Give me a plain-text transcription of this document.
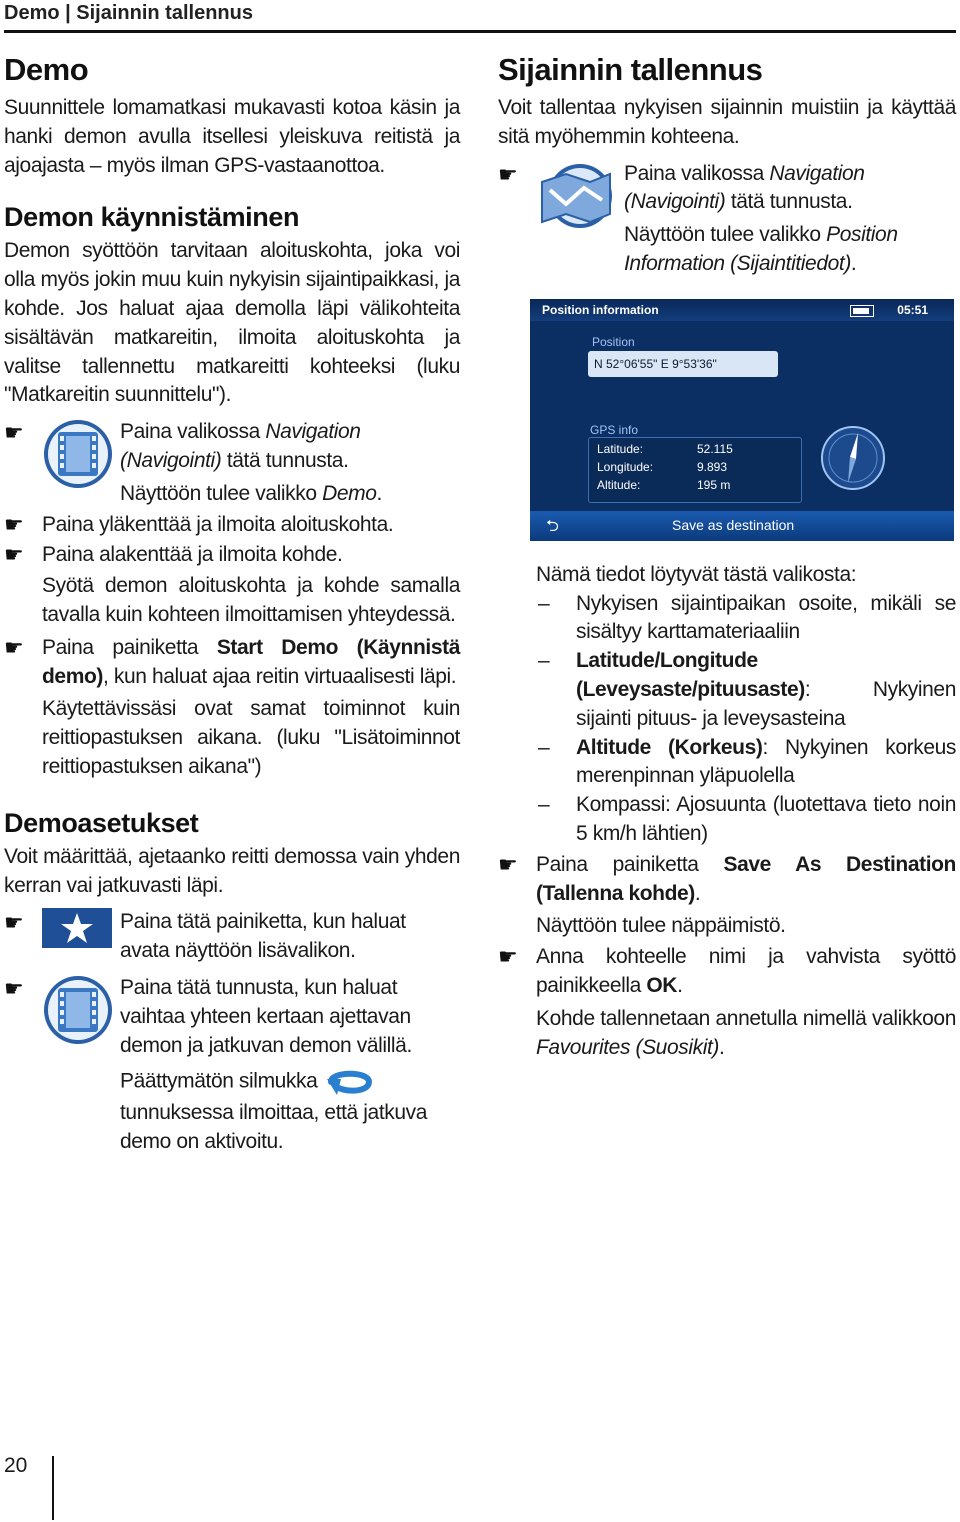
Demo | Sijainnin tallennus
Demo

Suunnittele lomamatkasi mukavasti kotoa käsin ja hanki demon avulla itsellesi yleiskuva reitistä ja ajoajasta – myös ilman GPS-vastaanottoa.

Demon käynnistäminen

Demon syöttöön tarvitaan aloituskohta, joka voi olla myös jokin muu kuin nykyisin sijaintipaikkasi, ja kohde. Jos haluat ajaa demolla läpi välikohteita sisältävän matkareitin, ilmoita aloituskohta ja valitse tallennettu matkareitti kohteeksi (luku "Matkareitin suunnittelu").

☛	Paina valikossa Navigation (Navigointi) tätä tunnusta.

Näyttöön tulee valikko Demo.

☛ Paina yläkenttää ja ilmoita aloituskohta.
☛ Paina alakenttää ja ilmoita kohde.

Syötä demon aloituskohta ja kohde samalla tavalla kuin kohteen ilmoittamisen yhteydessä.

☛ Paina painiketta Start Demo (Käynnistä demo), kun haluat ajaa reitin virtuaalisesti läpi.

Käytettävissäsi ovat samat toiminnot kuin reittiopastuksen aikana. (luku "Lisätoiminnot reittiopastuksen aikana")

Demoasetukset

Voit määrittää, ajetaanko reitti demossa vain yhden kerran vai jatkuvasti läpi.

☛	Paina tätä painiketta, kun haluat avata näyttöön lisävalikon.

☛	Paina tätä tunnusta, kun haluat vaihtaa yhteen kertaan ajettavan demon ja jatkuvan demon välillä.

Päättymätön silmukkatunnuksessa ilmoittaa, että jatkuva demo on aktivoitu.

Sijainnin tallennus

Voit tallentaa nykyisen sijainnin muistiin ja käyttää sitä myöhemmin kohteena.

☛	Paina valikossa Navigation (Navigointi) tätä tunnusta.

Näyttöön tulee valikko Position Information (Sijaintitiedot).

Position information	05:51
Position
N 52°06'55" E 9°53'36"
GPS info
Latitude:	52.115
Longitude:	9.893
Altitude:	195 m
⮌	Save as destination

Nämä tiedot löytyvät tästä valikosta:

– Nykyisen sijaintipaikan osoite, mikäli se sisältyy karttamateriaaliin
– Latitude/Longitude (Leveysaste/pituusaste): Nykyinen sijainti pituus- ja leveysasteina
– Altitude (Korkeus): Nykyinen korkeus merenpinnan yläpuolella
– Kompassi: Ajosuunta (luotettava tieto noin 5 km/h lähtien)
☛ Paina painiketta Save As Destination (Tallenna kohde).

Näyttöön tulee näppäimistö.

☛ Anna kohteelle nimi ja vahvista syöttö painikkeella OK.

Kohde tallennetaan annetulla nimellä valikkoon Favourites (Suosikit).

20
